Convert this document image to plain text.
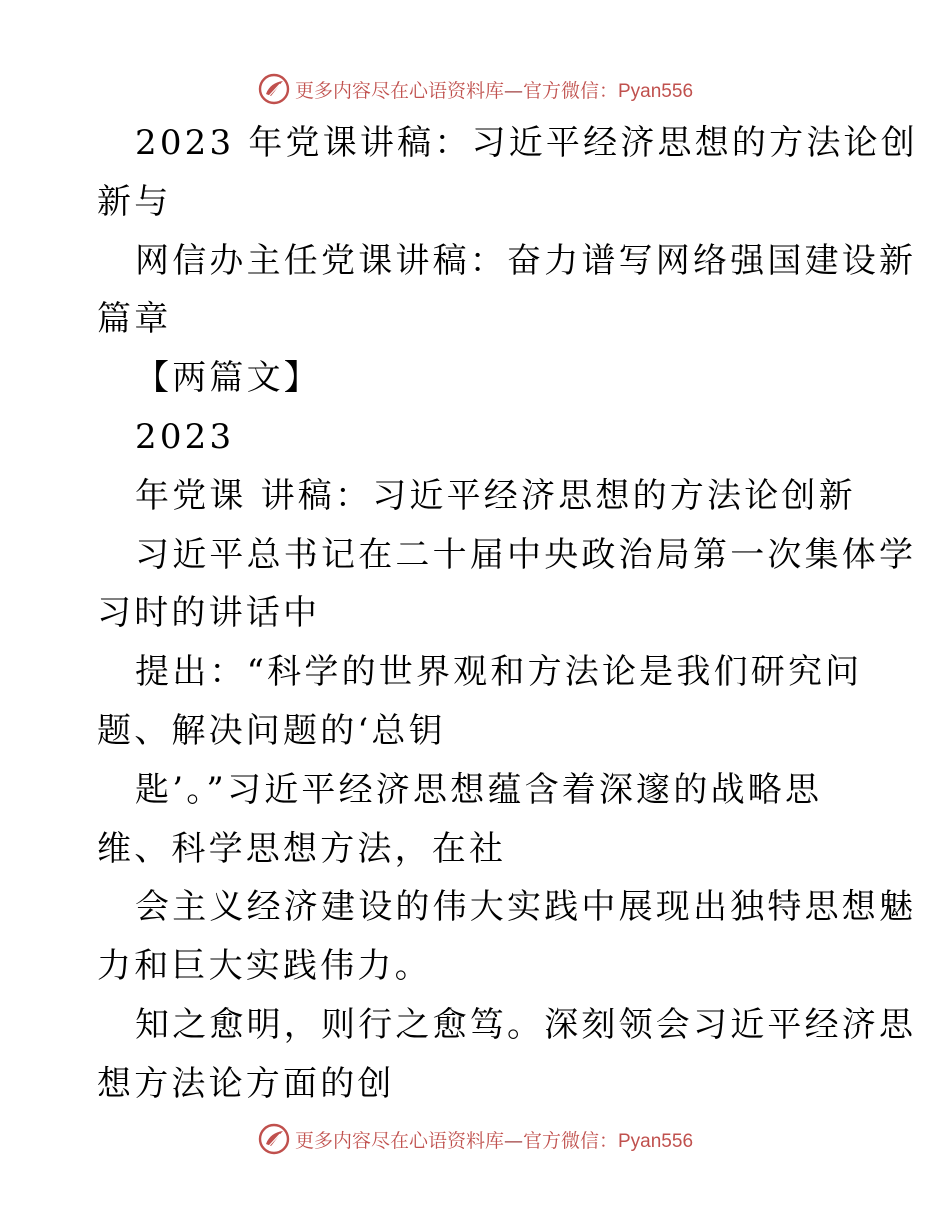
更多内容尽在心语资料库—官方微信：Pyan556
2023 年党课讲稿：习近平经济思想的方法论创
新与
网信办主任党课讲稿：奋力谱写网络强国建设新
篇章
【两篇文】
2023
年党课 讲稿：习近平经济思想的方法论创新
习近平总书记在二十届中央政治局第一次集体学
习时的讲话中
提出：“科学的世界观和方法论是我们研究问
题、解决问题的‘总钥
匙’。”习近平经济思想蕴含着深邃的战略思
维、科学思想方法，在社
会主义经济建设的伟大实践中展现出独特思想魅
力和巨大实践伟力。
知之愈明，则行之愈笃。深刻领会习近平经济思
想方法论方面的创
更多内容尽在心语资料库—官方微信：Pyan556
